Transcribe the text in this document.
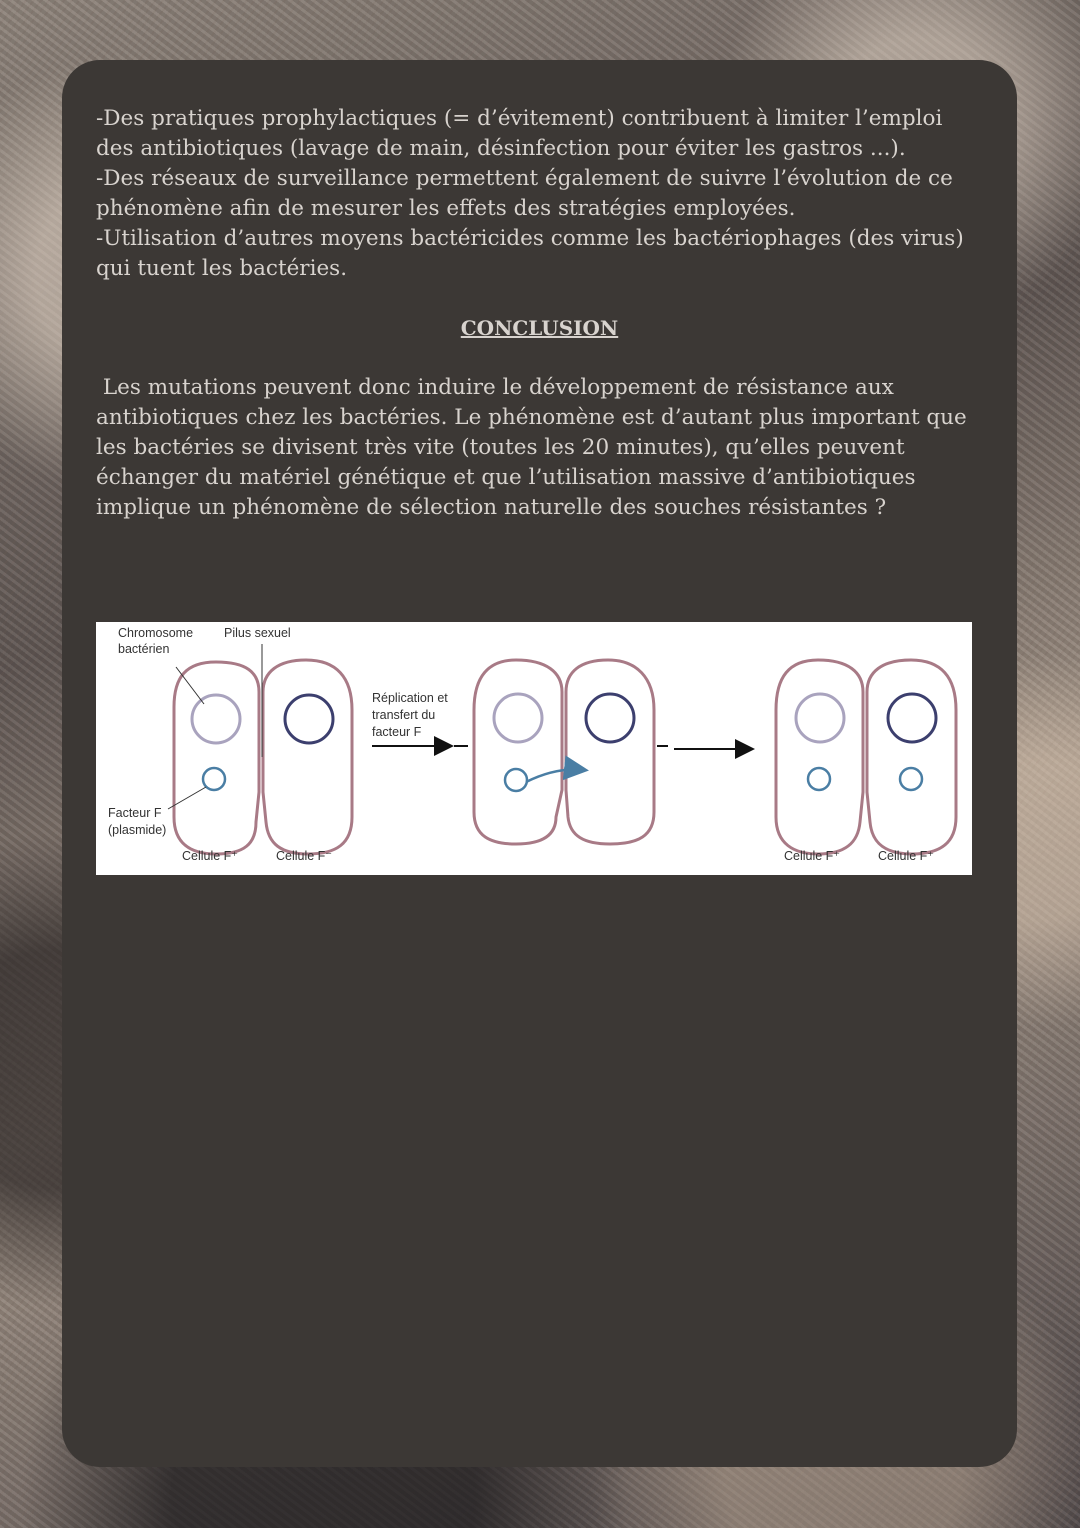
-Des pratiques prophylactiques (= d’évitement) contribuent à limiter l’emploi des antibiotiques (lavage de main, désinfection pour éviter les gastros ...).

-Des réseaux de surveillance permettent également de suivre l’évolution de ce phénomène afin de mesurer les effets des stratégies employées.

-Utilisation d’autres moyens bactéricides comme les bactériophages (des virus) qui tuent les bactéries.

CONCLUSION

Les mutations peuvent donc induire le développement de résistance aux antibiotiques chez les bactéries. Le phénomène est d’autant plus important que les bactéries se divisent très vite (toutes les 20 minutes), qu’elles peuvent échanger du matériel génétique et que l’utilisation massive d’antibiotiques implique un phénomène de sélection naturelle des souches résistantes ?

Chromosome
bactérien
Pilus sexuel
Facteur F
(plasmide)
Cellule F⁺	Cellule F⁻
Réplication et
transfert du
facteur F
Cellule F⁺	Cellule F⁺
